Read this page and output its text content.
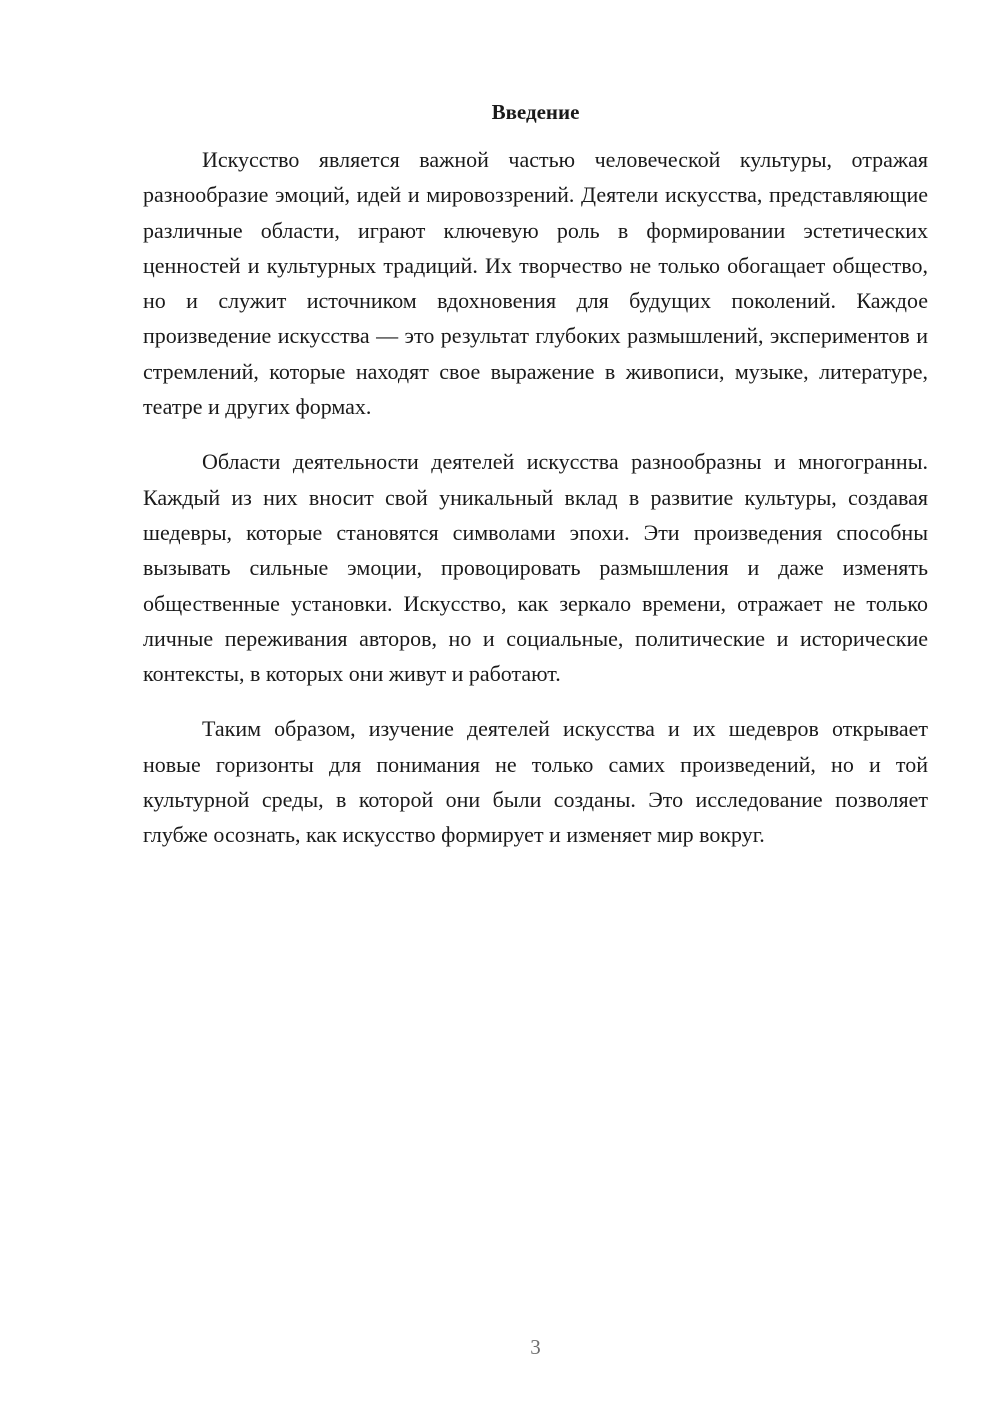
Введение

Искусство является важной частью человеческой культуры, отражая разнообразие эмоций, идей и мировоззрений. Деятели искусства, представляющие различные области, играют ключевую роль в формировании эстетических ценностей и культурных традиций. Их творчество не только обогащает общество, но и служит источником вдохновения для будущих поколений. Каждое произведение искусства — это результат глубоких размышлений, экспериментов и стремлений, которые находят свое выражение в живописи, музыке, литературе, театре и других формах.

Области деятельности деятелей искусства разнообразны и многогранны. Каждый из них вносит свой уникальный вклад в развитие культуры, создавая шедевры, которые становятся символами эпохи. Эти произведения способны вызывать сильные эмоции, провоцировать размышления и даже изменять общественные установки. Искусство, как зеркало времени, отражает не только личные переживания авторов, но и социальные, политические и исторические контексты, в которых они живут и работают.

Таким образом, изучение деятелей искусства и их шедевров открывает новые горизонты для понимания не только самих произведений, но и той культурной среды, в которой они были созданы. Это исследование позволяет глубже осознать, как искусство формирует и изменяет мир вокруг.

3
